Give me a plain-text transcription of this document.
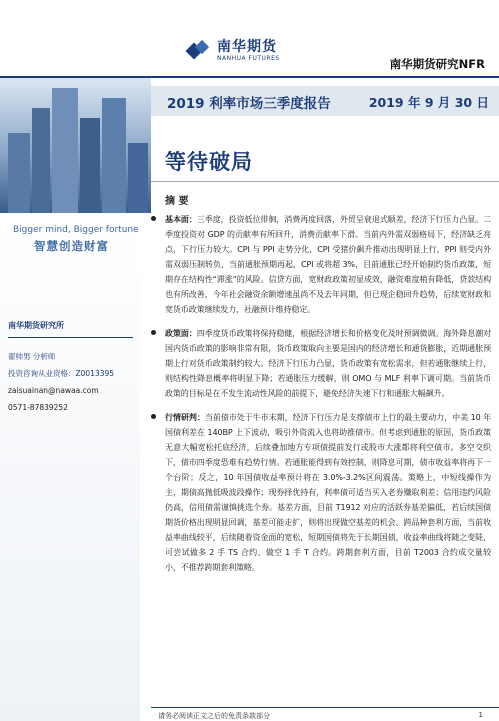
南华期货
NANHUA FUTURES	南华期货研究NFR
2019 利率市场三季度报告	2019 年 9 月 30 日
等待破局
Bigger mind, Bigger fortune
智慧创造财富
南华期货研究所
翟帅男 分析师
投资咨询从业资格：Z0013395
zaisuainan@nawaa.com
0571-87839252
摘 要

基本面：三季度，投资低位徘徊，消费再度回落，外贸呈衰退式顺差，经济下行压力凸显。二季度投资对 GDP 的贡献率有所回升，消费贡献率下滑。当前内外需双弱格局下，经济缺乏亮点，下行压力较大。CPI 与 PPI 走势分化，CPI 受猪价飙升推动出现明显上行，PPI 则受内外需双弱压制转负，当前通胀预期再起，CPI 或将超 3%，目前通胀已经开始制约货币政策，短期存在结构性“滞涨”的风险。信贷方面，宽财政政策初显成效，融资难度稍有降低，贷款结构也有所改善，今年社会融资余额增速虽尚不及去年同期，但已现企稳回升趋势，后续宽财政和宽货币政策继续发力，社融预计维持稳定。

政策面：四季度货币政策将保持稳健，根据经济增长和价格变化及时预调微调。海外降息潮对国内货币政策的影响非常有限，货币政策取向主要是国内的经济增长和通货膨胀，近期通胀预期上行对货币政策制约较大。经济下行压力凸显，货币政策有宽松需求，但若通胀继续上行，则结构性降息概率将明显下降；若通胀压力缓解，则 OMO 与 MLF 利率下调可期。当前货币政策的目标是在不发生流动性风险的前提下，避免经济失速下行和通胀大幅飙升。

行情研判：当前债市处于牛市末期，经济下行压力是支撑债市上行的最主要动力，中美 10 年国债利差在 140BP 上下波动，吸引外资流入也将助推债市。但考虑到通胀的原因，货币政策无意大幅宽松托底经济，后续叠加地方专项债提前发行或股市大涨都将利空债市。多空交织下，债市四季度恐难有趋势行情。若通胀能得到有效控制，则降息可期，债市收益率将再下一个台阶；反之，10 年国债收益率预计将在 3.0%-3.2%区间震荡。策略上，中短线操作为主，期债高抛低吸波段操作；现券择优持有，利率债可适当买入老券赚取利差；信用违约风险仍高，信用债需谨慎挑选个券。基差方面，目前 T1912 对应的活跃券基差偏低，若后续国债期货价格出现明显回调，基差可能走扩，则将出现做空基差的机会。跨品种套利方面，当前收益率曲线较平，后续随着资金面的宽松，短期国债将先于长期国债，收益率曲线将随之变陡，可尝试做多 2 手 TS 合约、做空 1 手 T 合约。跨期套利方面，目前 T2003 合约成交量较小，不推荐跨期套利策略。

请务必阅读正文之后的免责条款部分	1
